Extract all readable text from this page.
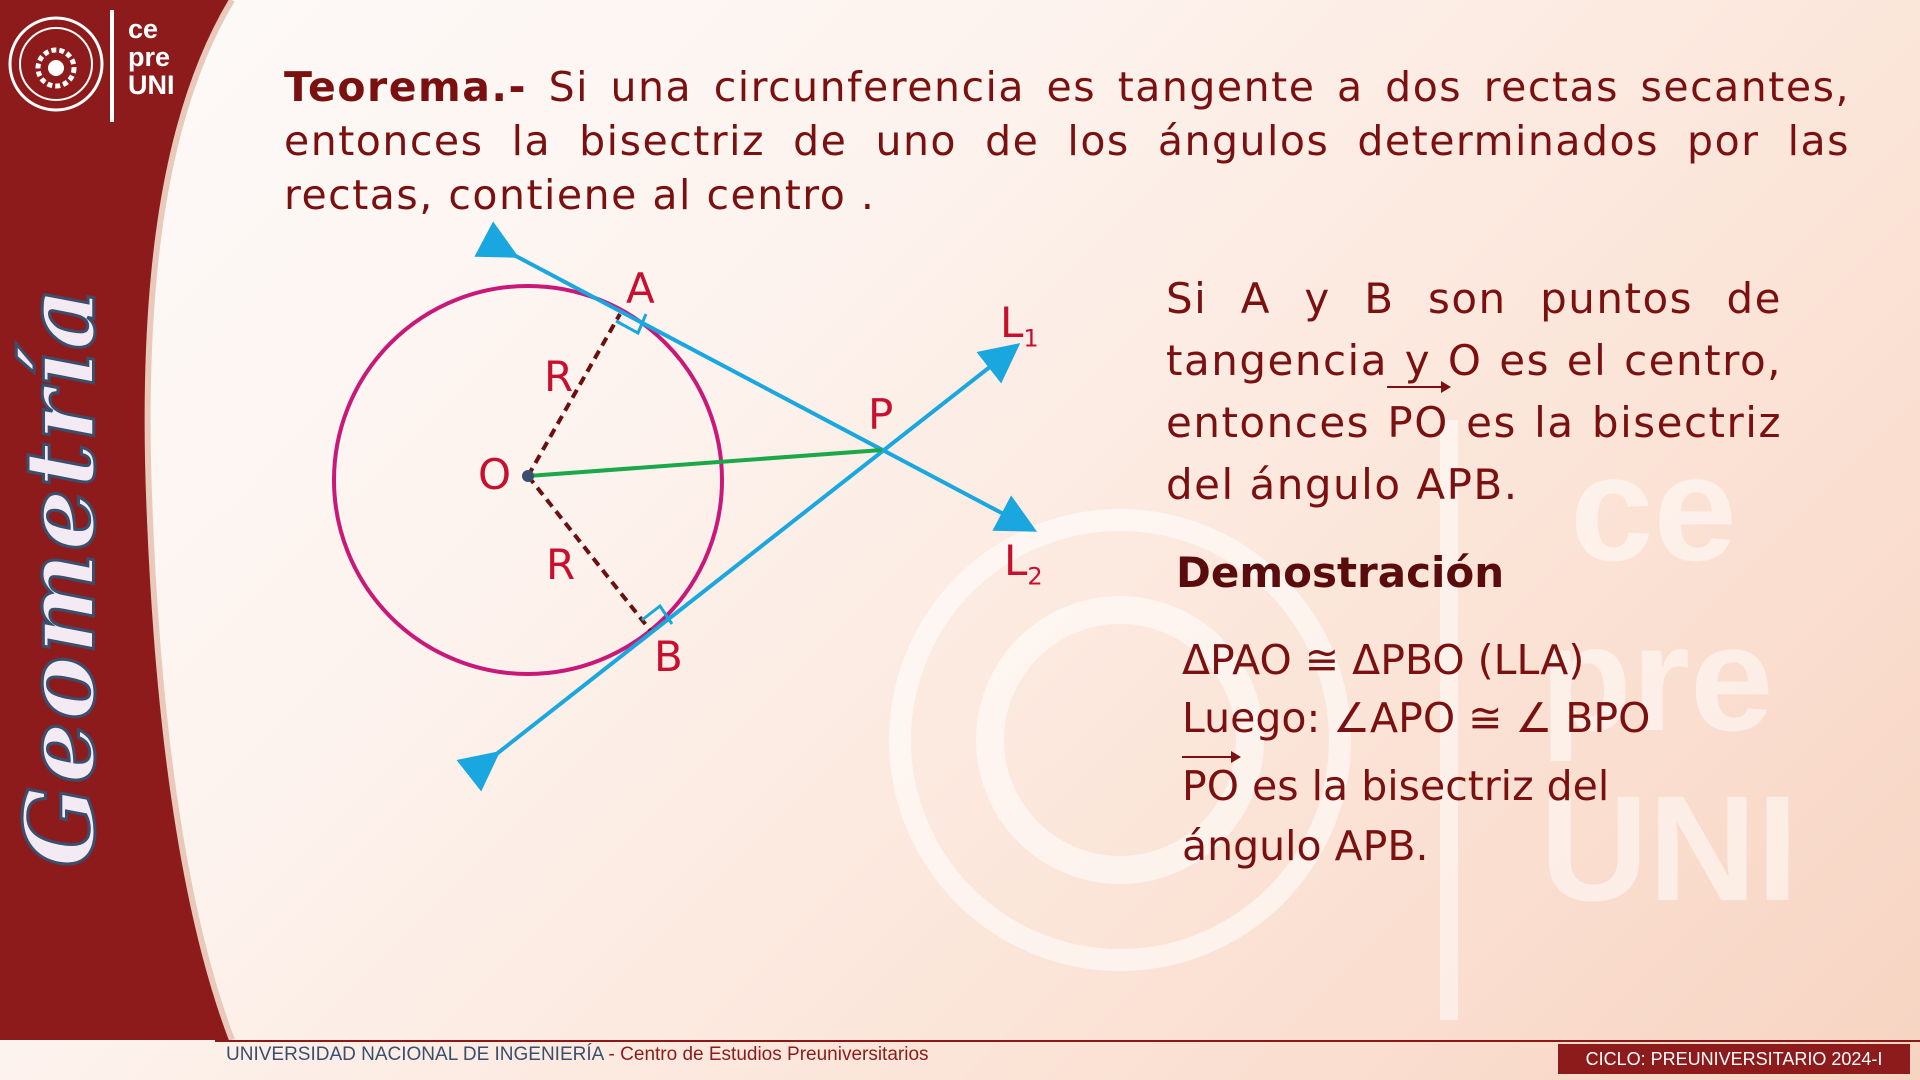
ce
pre
UNI
ce
pre
UNI
Geometría
Teorema.- Si una circunferencia es tangente a dos rectas secantes, entonces la bisectriz de uno de los ángulos determinados por las rectas, contiene al centro .
A
B
P
O
R
R
$L_1$
$L_2$
Si A y B son puntos de tangencia y O es el centro, entonces PO es la bisectriz del ángulo APB.
Demostración
ΔPAO ≅ ΔPBO (LLA)
Luego: ∠APO ≅ ∠ BPO
PO es la bisectriz del
ángulo APB.
UNIVERSIDAD NACIONAL DE INGENIERÍA - Centro de Estudios Preuniversitarios	CICLO: PREUNIVERSITARIO 2024-I
